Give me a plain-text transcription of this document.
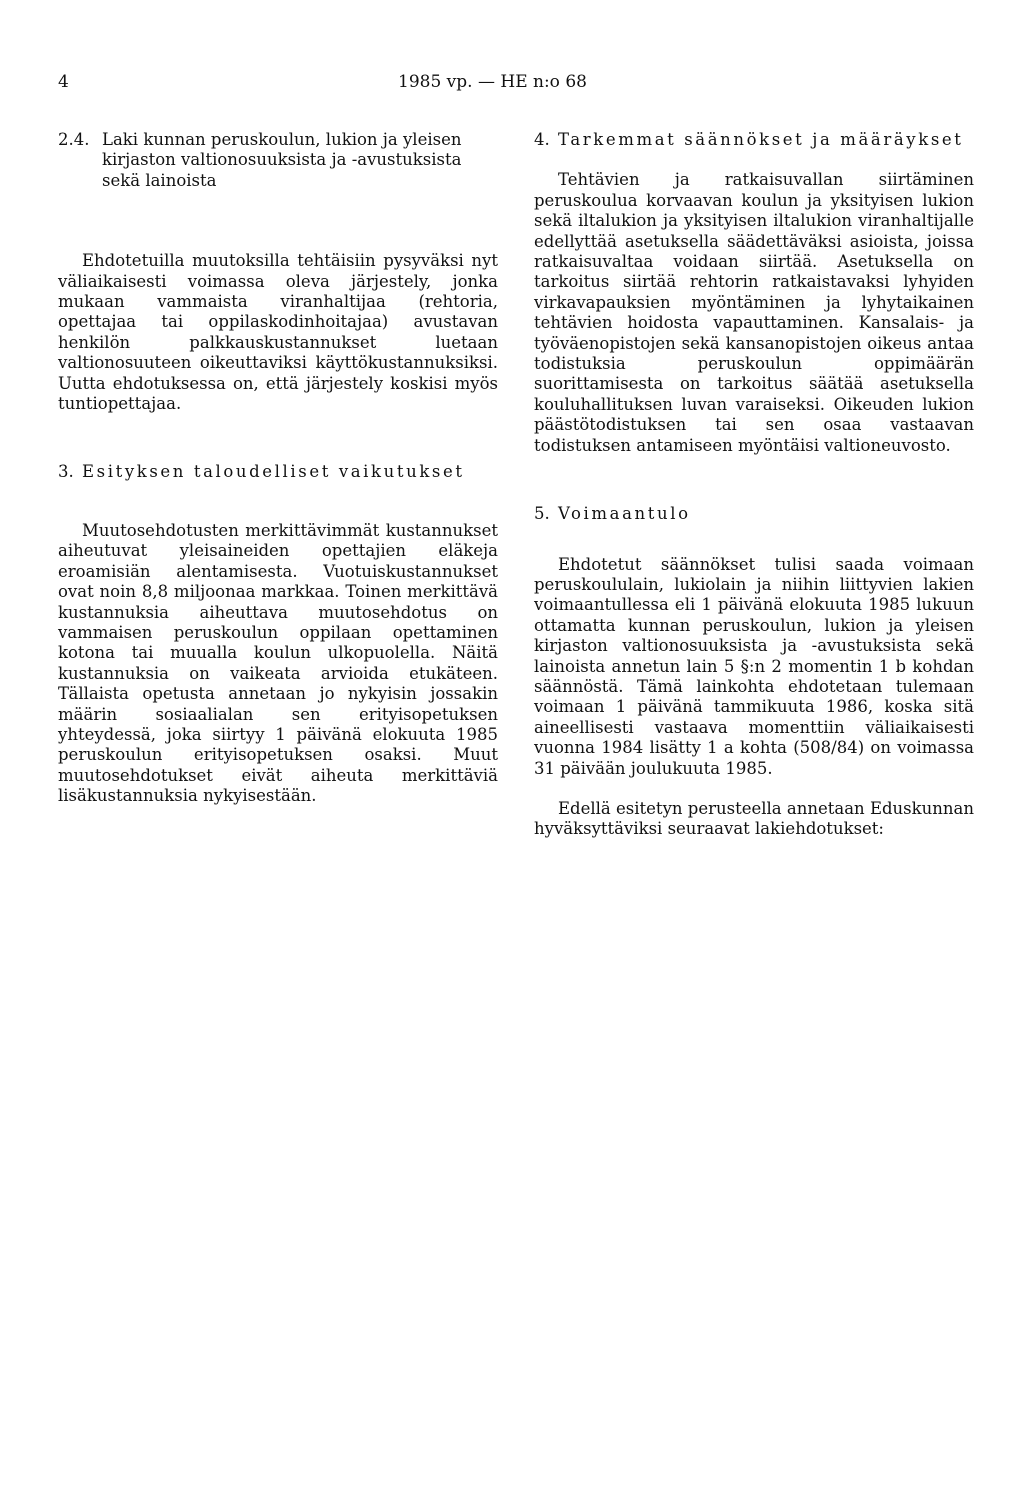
4	1985 vp. — HE n:o 68
2.4. Laki kunnan peruskoulun, lukion ja yleisen kirjaston valtionosuuksista ja -avustuksista sekä lainoista

Ehdotetuilla muutoksilla tehtäisiin pysyväksi nyt väliaikaisesti voimassa oleva järjestely, jonka mukaan vammaista viranhaltijaa (rehtoria, opettajaa tai oppilaskodinhoitajaa) avustavan henkilön palkkauskustannukset luetaan valtionosuuteen oikeuttaviksi käyttökustannuksiksi. Uutta ehdotuksessa on, että järjestely koskisi myös tuntiopettajaa.

3. Esityksen taloudelliset vaikutukset

Muutosehdotusten merkittävimmät kustannukset aiheutuvat yleisaineiden opettajien eläkeja eroamisiän alentamisesta. Vuotuiskustannukset ovat noin 8,8 miljoonaa markkaa. Toinen merkittävä kustannuksia aiheuttava muutosehdotus on vammaisen peruskoulun oppilaan opettaminen kotona tai muualla koulun ulkopuolella. Näitä kustannuksia on vaikeata arvioida etukäteen. Tällaista opetusta annetaan jo nykyisin jossakin määrin sosiaalialan sen erityisopetuksen yhteydessä, joka siirtyy 1 päivänä elokuuta 1985 peruskoulun erityisopetuksen osaksi. Muut muutosehdotukset eivät aiheuta merkittäviä lisäkustannuksia nykyisestään.

4. Tarkemmat säännökset ja määräykset

Tehtävien ja ratkaisuvallan siirtäminen peruskoulua korvaavan koulun ja yksityisen lukion sekä iltalukion ja yksityisen iltalukion viranhaltijalle edellyttää asetuksella säädettäväksi asioista, joissa ratkaisuvaltaa voidaan siirtää. Asetuksella on tarkoitus siirtää rehtorin ratkaistavaksi lyhyiden virkavapauksien myöntäminen ja lyhytaikainen tehtävien hoidosta vapauttaminen. Kansalais- ja työväenopistojen sekä kansanopistojen oikeus antaa todistuksia peruskoulun oppimäärän suorittamisesta on tarkoitus säätää asetuksella kouluhallituksen luvan varaiseksi. Oikeuden lukion päästötodistuksen tai sen osaa vastaavan todistuksen antamiseen myöntäisi valtioneuvosto.

5. Voimaantulo

Ehdotetut säännökset tulisi saada voimaan peruskoululain, lukiolain ja niihin liittyvien lakien voimaantullessa eli 1 päivänä elokuuta 1985 lukuun ottamatta kunnan peruskoulun, lukion ja yleisen kirjaston valtionosuuksista ja -avustuksista sekä lainoista annetun lain 5 §:n 2 momentin 1 b kohdan säännöstä. Tämä lainkohta ehdotetaan tulemaan voimaan 1 päivänä tammikuuta 1986, koska sitä aineellisesti vastaava momenttiin väliaikaisesti vuonna 1984 lisätty 1 a kohta (508/84) on voimassa 31 päivään joulukuuta 1985.

Edellä esitetyn perusteella annetaan Eduskunnan hyväksyttäviksi seuraavat lakiehdotukset:
